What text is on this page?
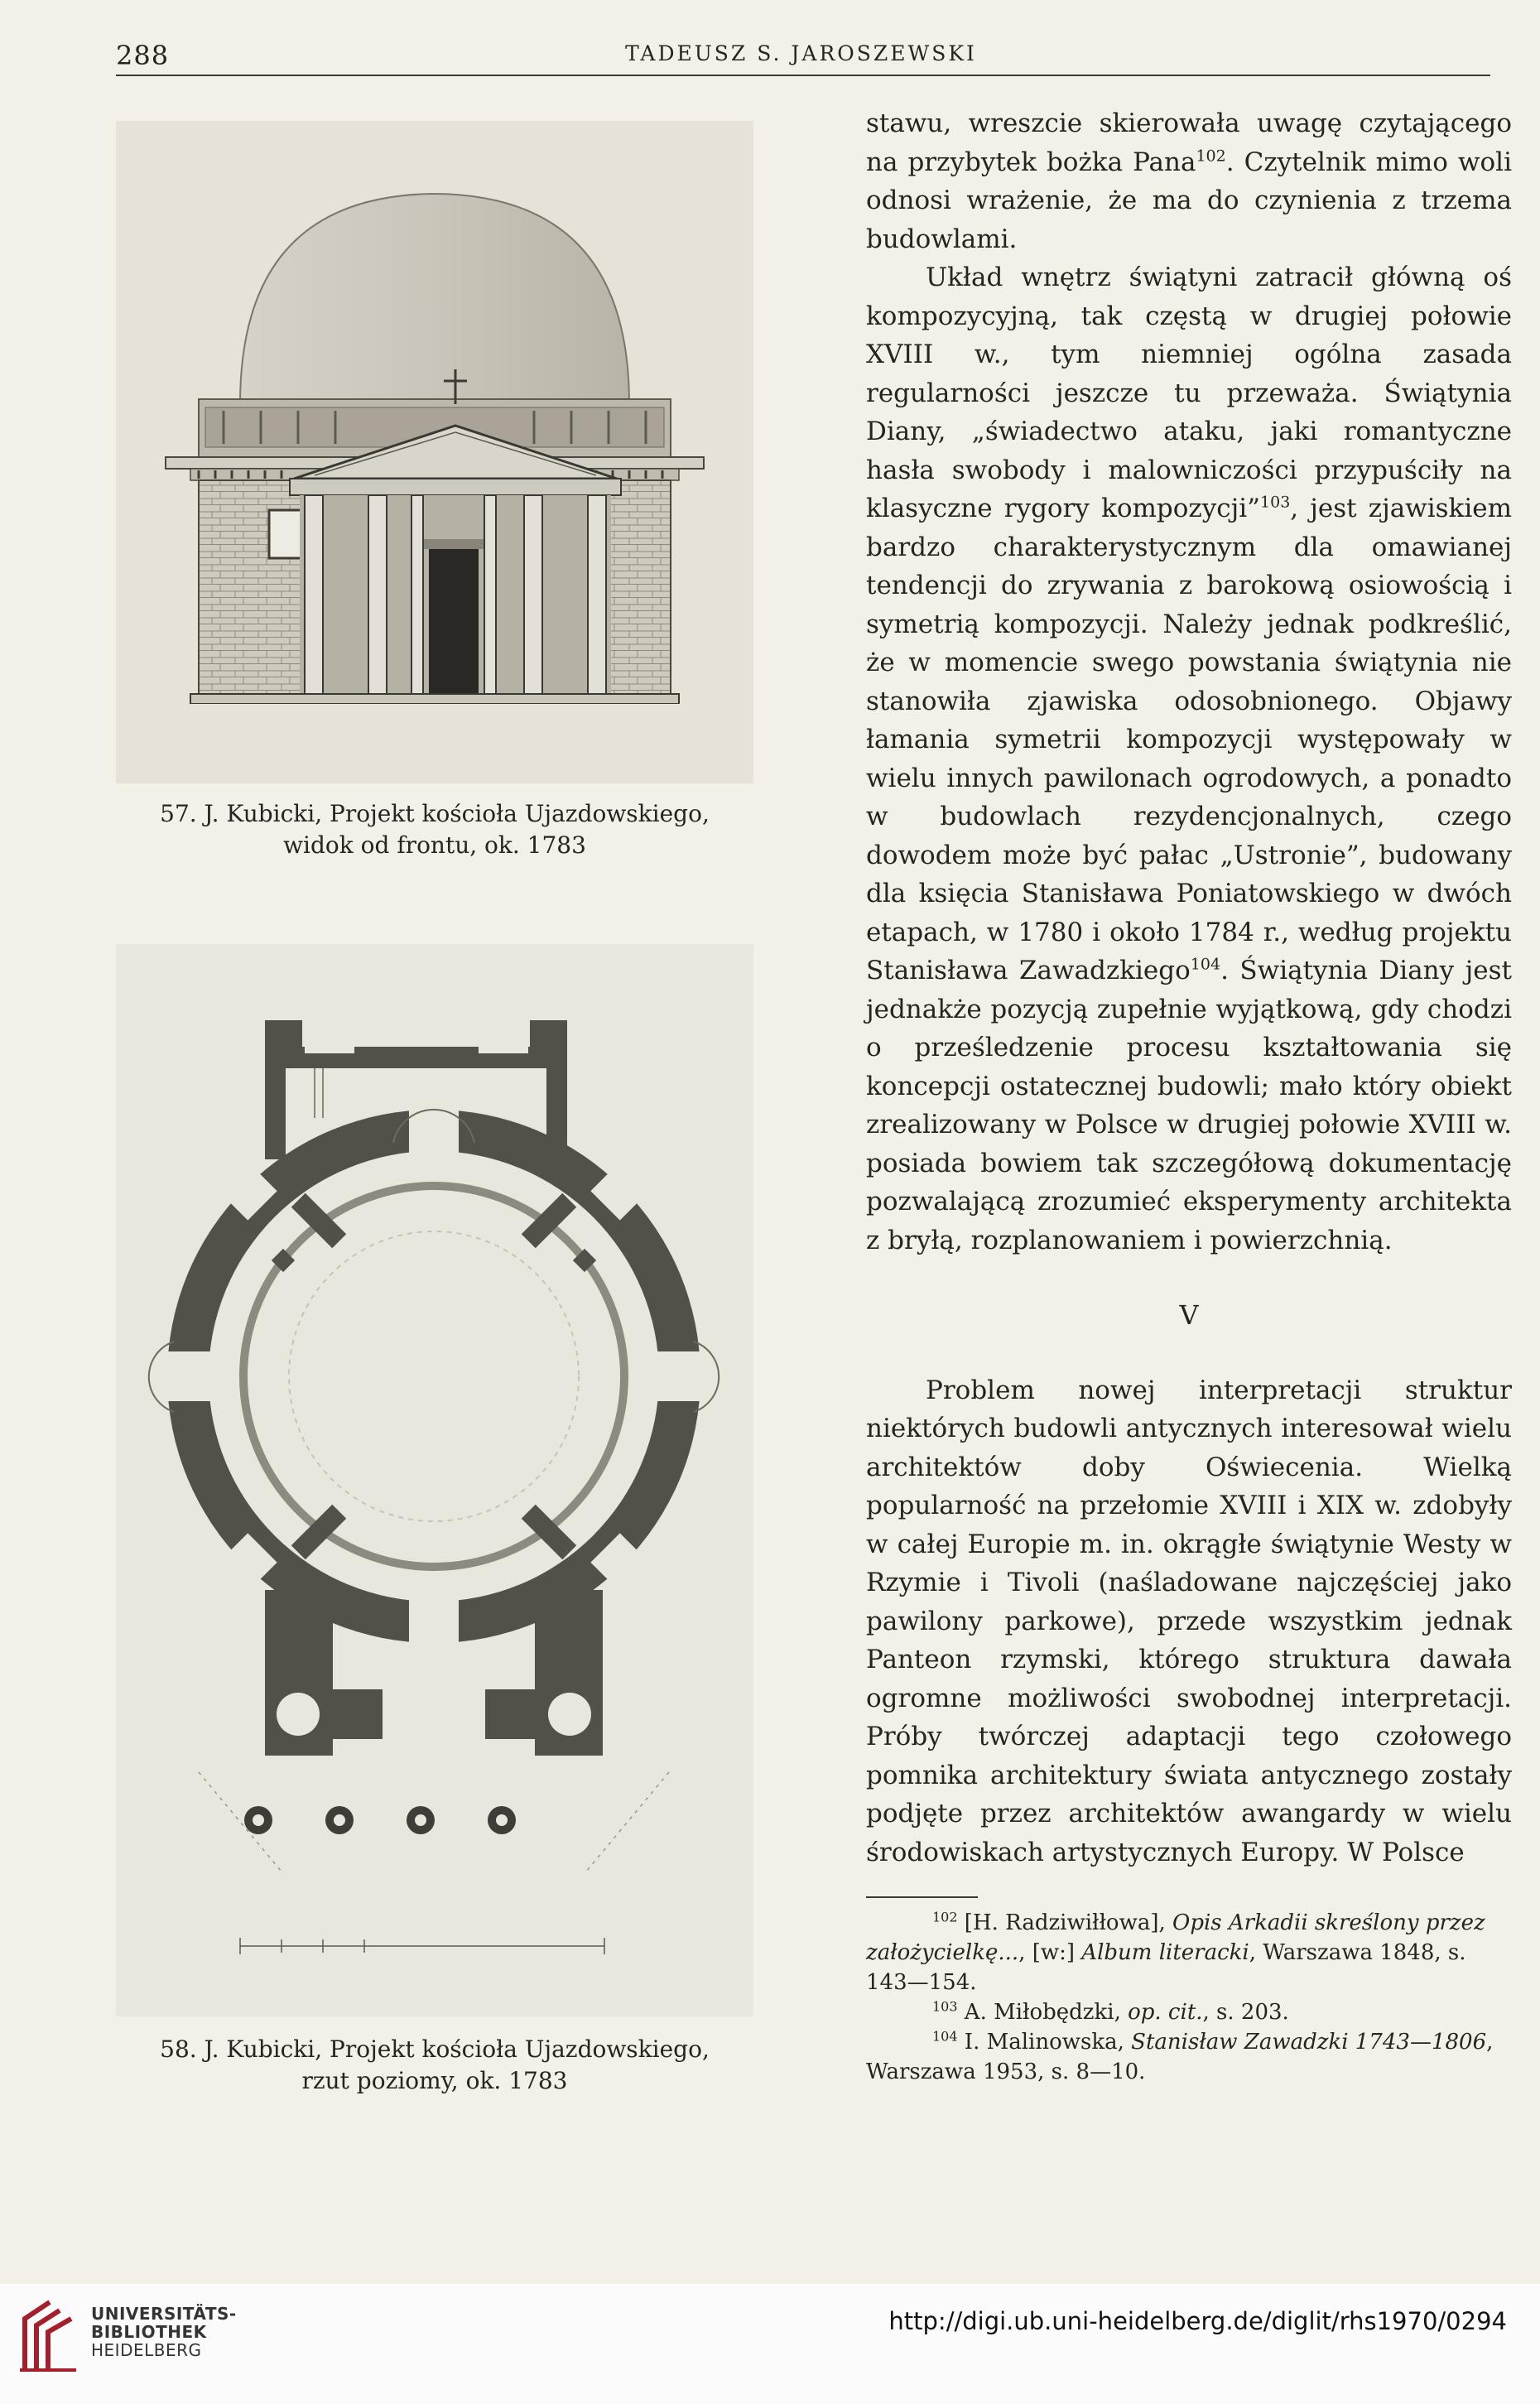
288	TADEUSZ S. JAROSZEWSKI
57. J. Kubicki, Projekt kościoła Ujazdowskiego,
widok od frontu, ok. 1783
58. J. Kubicki, Projekt kościoła Ujazdowskiego,
rzut poziomy, ok. 1783

stawu, wreszcie skierowała uwagę czytającego na przybytek bożka Pana$^{102}$. Czytelnik mimo woli odnosi wrażenie, że ma do czynienia z trzema budowlami.

Układ wnętrz świątyni zatracił główną oś kompozycyjną, tak częstą w drugiej połowie XVIII w., tym niemniej ogólna zasada regularności jeszcze tu przeważa. Świątynia Diany, „świadectwo ataku, jaki romantyczne hasła swobody i malowniczości przypuściły na klasyczne rygory kompozycji”$^{103}$, jest zjawiskiem bardzo charakterystycznym dla omawianej tendencji do zrywania z barokową osiowością i symetrią kompozycji. Należy jednak podkreślić, że w momencie swego powstania świątynia nie stanowiła zjawiska odosobnionego. Objawy łamania symetrii kompozycji występowały w wielu innych pawilonach ogrodowych, a ponadto w budowlach rezydencjonalnych, czego dowodem może być pałac „Ustronie”, budowany dla księcia Stanisława Poniatowskiego w dwóch etapach, w 1780 i około 1784 r., według projektu Stanisława Zawadzkiego$^{104}$. Świątynia Diany jest jednakże pozycją zupełnie wyjątkową, gdy chodzi o prześledzenie procesu kształtowania się koncepcji ostatecznej budowli; mało który obiekt zrealizowany w Polsce w drugiej połowie XVIII w. posiada bowiem tak szczegółową dokumentację pozwalającą zrozumieć eksperymenty architekta z bryłą, rozplanowaniem i powierzchnią.

V

Problem nowej interpretacji struktur niektórych budowli antycznych interesował wielu architektów doby Oświecenia. Wielką popularność na przełomie XVIII i XIX w. zdobyły w całej Europie m. in. okrągłe świątynie Westy w Rzymie i Tivoli (naśladowane najczęściej jako pawilony parkowe), przede wszystkim jednak Panteon rzymski, którego struktura dawała ogromne możliwości swobodnej interpretacji. Próby twórczej adaptacji tego czołowego pomnika architektury świata antycznego zostały podjęte przez architektów awangardy w wielu środowiskach artystycznych Europy. W Polsce

$^{102}$ [H. Radziwiłłowa], Opis Arkadii skreślony przez założycielkę..., [w:] Album literacki, Warszawa 1848, s. 143—154.

$^{103}$ A. Miłobędzki, op. cit., s. 203.

$^{104}$ I. Malinowska, Stanisław Zawadzki 1743—1806, Warszawa 1953, s. 8—10.

UNIVERSITÄTS-
BIBLIOTHEK
HEIDELBERG
http://digi.ub.uni-heidelberg.de/diglit/rhs1970/0294
